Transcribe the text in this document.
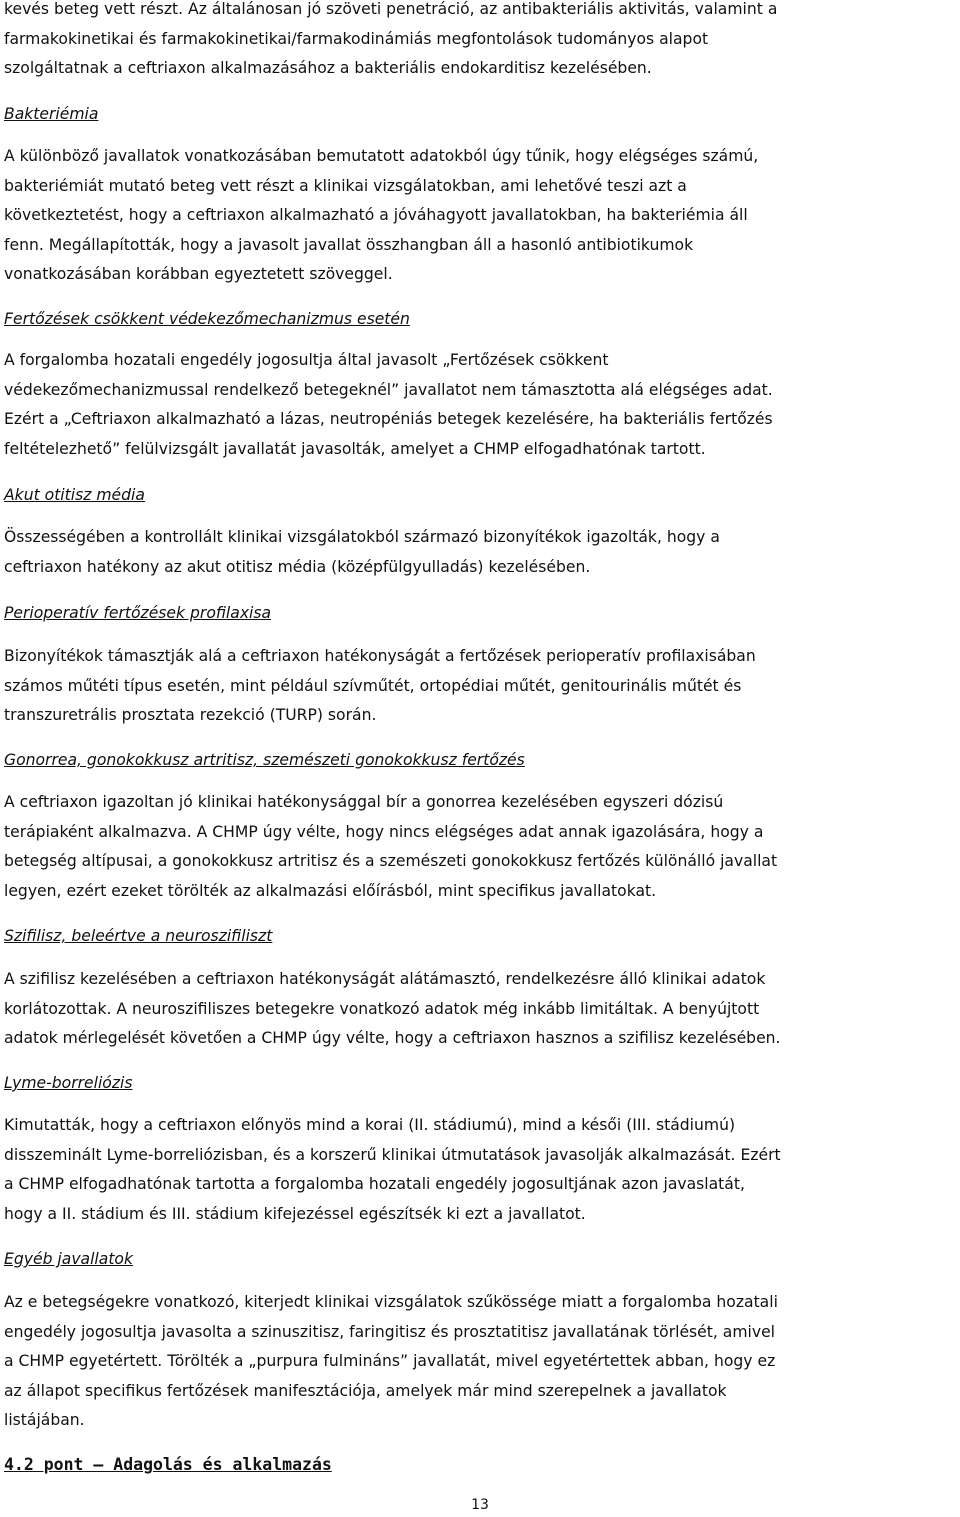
kevés beteg vett részt. Az általánosan jó szöveti penetráció, az antibakteriális aktivitás, valamint a
farmakokinetikai és farmakokinetikai/farmakodinámiás megfontolások tudományos alapot
szolgáltatnak a ceftriaxon alkalmazásához a bakteriális endokarditisz kezelésében.
Bakteriémia
A különböző javallatok vonatkozásában bemutatott adatokból úgy tűnik, hogy elégséges számú,
bakteriémiát mutató beteg vett részt a klinikai vizsgálatokban, ami lehetővé teszi azt a
következtetést, hogy a ceftriaxon alkalmazható a jóváhagyott javallatokban, ha bakteriémia áll
fenn. Megállapították, hogy a javasolt javallat összhangban áll a hasonló antibiotikumok
vonatkozásában korábban egyeztetett szöveggel.
Fertőzések csökkent védekezőmechanizmus esetén
A forgalomba hozatali engedély jogosultja által javasolt „Fertőzések csökkent
védekezőmechanizmussal rendelkező betegeknél” javallatot nem támasztotta alá elégséges adat.
Ezért a „Ceftriaxon alkalmazható a lázas, neutropéniás betegek kezelésére, ha bakteriális fertőzés
feltételezhető” felülvizsgált javallatát javasolták, amelyet a CHMP elfogadhatónak tartott.
Akut otitisz média
Összességében a kontrollált klinikai vizsgálatokból származó bizonyítékok igazolták, hogy a
ceftriaxon hatékony az akut otitisz média (középfülgyulladás) kezelésében.
Perioperatív fertőzések profilaxisa
Bizonyítékok támasztják alá a ceftriaxon hatékonyságát a fertőzések perioperatív profilaxisában
számos műtéti típus esetén, mint például szívműtét, ortopédiai műtét, genitourinális műtét és
transzuretrális prosztata rezekció (TURP) során.
Gonorrea, gonokokkusz artritisz, szemészeti gonokokkusz fertőzés
A ceftriaxon igazoltan jó klinikai hatékonysággal bír a gonorrea kezelésében egyszeri dózisú
terápiaként alkalmazva. A CHMP úgy vélte, hogy nincs elégséges adat annak igazolására, hogy a
betegség altípusai, a gonokokkusz artritisz és a szemészeti gonokokkusz fertőzés különálló javallat
legyen, ezért ezeket törölték az alkalmazási előírásból, mint specifikus javallatokat.
Szifilisz, beleértve a neuroszifiliszt
A szifilisz kezelésében a ceftriaxon hatékonyságát alátámasztó, rendelkezésre álló klinikai adatok
korlátozottak. A neuroszifiliszes betegekre vonatkozó adatok még inkább limitáltak. A benyújtott
adatok mérlegelését követően a CHMP úgy vélte, hogy a ceftriaxon hasznos a szifilisz kezelésében.
Lyme-borreliózis
Kimutatták, hogy a ceftriaxon előnyös mind a korai (II. stádiumú), mind a késői (III. stádiumú)
disszeminált Lyme-borreliózisban, és a korszerű klinikai útmutatások javasolják alkalmazását. Ezért
a CHMP elfogadhatónak tartotta a forgalomba hozatali engedély jogosultjának azon javaslatát,
hogy a II. stádium és III. stádium kifejezéssel egészítsék ki ezt a javallatot.
Egyéb javallatok
Az e betegségekre vonatkozó, kiterjedt klinikai vizsgálatok szűkössége miatt a forgalomba hozatali
engedély jogosultja javasolta a szinuszitisz, faringitisz és prosztatitisz javallatának törlését, amivel
a CHMP egyetértett. Törölték a „purpura fulmináns” javallatát, mivel egyetértettek abban, hogy ez
az állapot specifikus fertőzések manifesztációja, amelyek már mind szerepelnek a javallatok
listájában.
4.2 pont – Adagolás és alkalmazás
13
